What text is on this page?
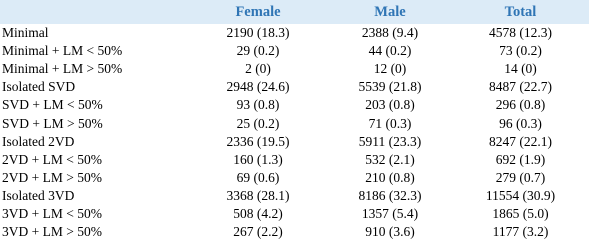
	Female	Male	Total
Minimal	2190 (18.3)	2388 (9.4)	4578 (12.3)
Minimal + LM < 50%	29 (0.2)	44 (0.2)	73 (0.2)
Minimal + LM > 50%	2 (0)	12 (0)	14 (0)
Isolated SVD	2948 (24.6)	5539 (21.8)	8487 (22.7)
SVD + LM < 50%	93 (0.8)	203 (0.8)	296 (0.8)
SVD + LM > 50%	25 (0.2)	71 (0.3)	96 (0.3)
Isolated 2VD	2336 (19.5)	5911 (23.3)	8247 (22.1)
2VD + LM < 50%	160 (1.3)	532 (2.1)	692 (1.9)
2VD + LM > 50%	69 (0.6)	210 (0.8)	279 (0.7)
Isolated 3VD	3368 (28.1)	8186 (32.3)	11554 (30.9)
3VD + LM < 50%	508 (4.2)	1357 (5.4)	1865 (5.0)
3VD + LM > 50%	267 (2.2)	910 (3.6)	1177 (3.2)
